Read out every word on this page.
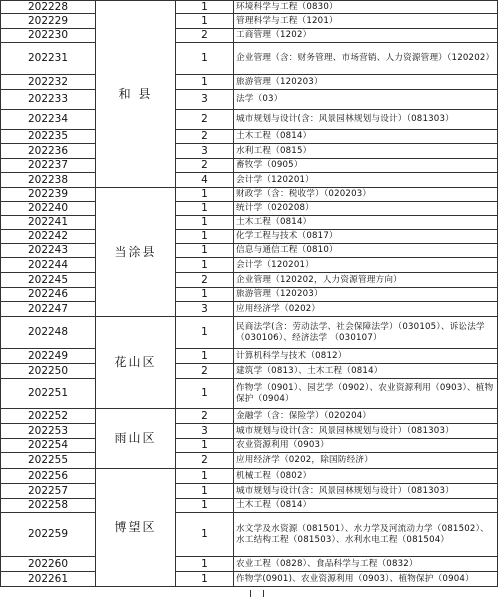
202228	和 县	1	环境科学与工程（0830）
202229		1	管理科学与工程（1201）
202230		2	工商管理（1202）
202231		1	企业管理（含：财务管理、市场营销、人力资源管理）（120202）
202232		1	旅游管理（120203）
202233		3	法学（03）
202234		2	城市规划与设计(含：风景园林规划与设计）（081303）
202235		2	土木工程（0814）
202236		3	水利工程（0815）
202237		2	畜牧学（0905）
202238		4	会计学（120201）
202239	当涂县	1	财政学（含：税收学）（020203）
202240		1	统计学（020208）
202241		1	土木工程（0814）
202242		1	化学工程与技术（0817）
202243		1	信息与通信工程（0810）
202244		1	会计学（120201）
202245		2	企业管理（120202，人力资源管理方向）
202246		1	旅游管理（120203）
202247		3	应用经济学（0202）
202248	花山区	1	民商法学(含：劳动法学、社会保障法学）（030105）、诉讼法学（030106）、经济法学 （030107）
202249		1	计算机科学与技术（0812）
202250		2	建筑学（0813）、土木工程（0814）
202251		1	作物学（0901）、园艺学（0902）、农业资源利用（0903）、植物保护（0904）
202252	雨山区	2	金融学（含：保险学）（020204）
202253		3	城市规划与设计(含：风景园林规划与设计）（081303）
202254		1	农业资源利用（0903）
202255		2	应用经济学（0202，除国防经济）
202256	博望区	1	机械工程（0802）
202257		1	城市规划与设计(含：风景园林规划与设计）（081303）
202258		1	土木工程（0814）
202259		1	水文学及水资源（081501）、水力学及河流动力学（081502）、水工结构工程（081503）、水利水电工程（081504）
202260		1	农业工程（0828）、食品科学与工程（0832）
202261		1	作物学(0901)、农业资源利用（0903）、植物保护（0904）
